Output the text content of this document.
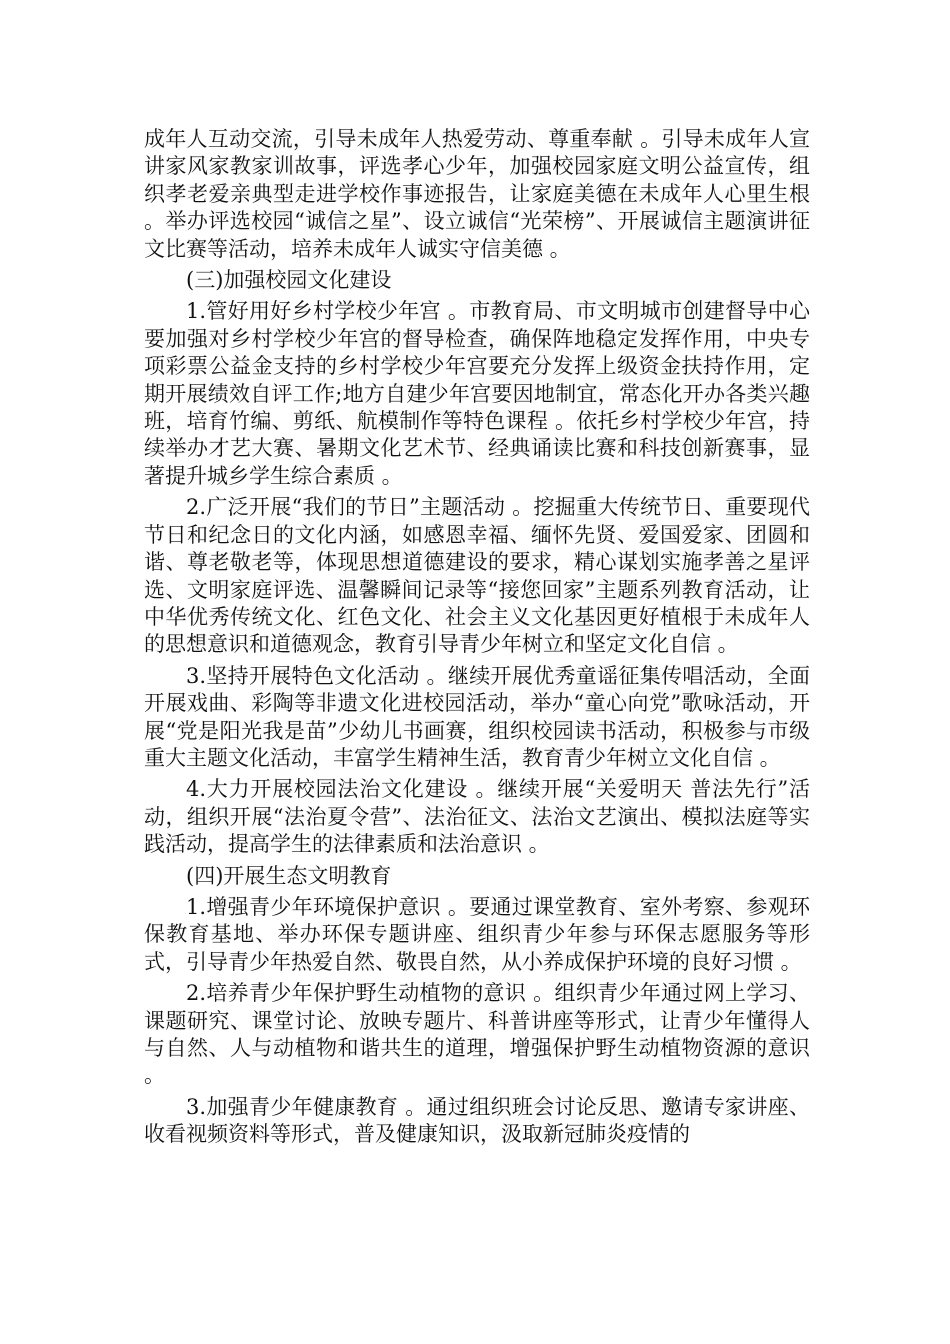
成年人互动交流，引导未成年人热爱劳动、尊重奉献 。引导未成年人宣讲家风家教家训故事，评选孝心少年，加强校园家庭文明公益宣传，组织孝老爱亲典型走进学校作事迹报告，让家庭美德在未成年人心里生根 。举办评选校园“诚信之星”、设立诚信“光荣榜”、开展诚信主题演讲征文比赛等活动，培养未成年人诚实守信美德 。

(三)加强校园文化建设

1.管好用好乡村学校少年宫 。市教育局、市文明城市创建督导中心要加强对乡村学校少年宫的督导检查，确保阵地稳定发挥作用，中央专项彩票公益金支持的乡村学校少年宫要充分发挥上级资金扶持作用，定期开展绩效自评工作;地方自建少年宫要因地制宜，常态化开办各类兴趣班，培育竹编、剪纸、航模制作等特色课程 。依托乡村学校少年宫，持续举办才艺大赛、暑期文化艺术节、经典诵读比赛和科技创新赛事，显著提升城乡学生综合素质 。

2.广泛开展“我们的节日”主题活动 。挖掘重大传统节日、重要现代节日和纪念日的文化内涵，如感恩幸福、缅怀先贤、爱国爱家、团圆和谐、尊老敬老等，体现思想道德建设的要求，精心谋划实施孝善之星评选、文明家庭评选、温馨瞬间记录等“接您回家”主题系列教育活动，让中华优秀传统文化、红色文化、社会主义文化基因更好植根于未成年人的思想意识和道德观念，教育引导青少年树立和坚定文化自信 。

3.坚持开展特色文化活动 。继续开展优秀童谣征集传唱活动，全面开展戏曲、彩陶等非遗文化进校园活动，举办“童心向党”歌咏活动，开展“党是阳光我是苗”少幼儿书画赛，组织校园读书活动，积极参与市级重大主题文化活动，丰富学生精神生活，教育青少年树立文化自信 。

4.大力开展校园法治文化建设 。继续开展“关爱明天 普法先行”活动，组织开展“法治夏令营”、法治征文、法治文艺演出、模拟法庭等实践活动，提高学生的法律素质和法治意识 。

(四)开展生态文明教育

1.增强青少年环境保护意识 。要通过课堂教育、室外考察、参观环保教育基地、举办环保专题讲座、组织青少年参与环保志愿服务等形式，引导青少年热爱自然、敬畏自然，从小养成保护环境的良好习惯 。

2.培养青少年保护野生动植物的意识 。组织青少年通过网上学习、课题研究、课堂讨论、放映专题片、科普讲座等形式，让青少年懂得人与自然、人与动植物和谐共生的道理，增强保护野生动植物资源的意识 。

3.加强青少年健康教育 。通过组织班会讨论反思、邀请专家讲座、收看视频资料等形式，普及健康知识，汲取新冠肺炎疫情的
